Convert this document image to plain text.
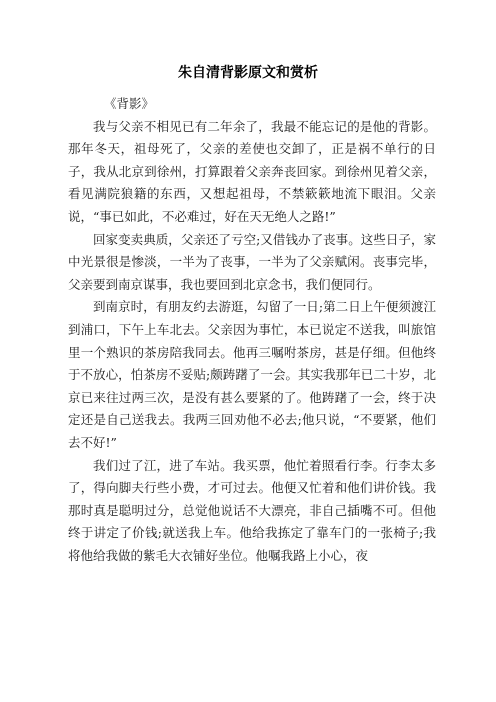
朱自清背影原文和赏析
《背影》

我与父亲不相见已有二年余了，我最不能忘记的是他的背影。那年冬天，祖母死了，父亲的差使也交卸了，正是祸不单行的日子，我从北京到徐州，打算跟着父亲奔丧回家。到徐州见着父亲，看见满院狼籍的东西，又想起祖母，不禁簌簌地流下眼泪。父亲说，“事已如此，不必难过，好在天无绝人之路!”

回家变卖典质，父亲还了亏空;又借钱办了丧事。这些日子，家中光景很是惨淡，一半为了丧事，一半为了父亲赋闲。丧事完毕，父亲要到南京谋事，我也要回到北京念书，我们便同行。

到南京时，有朋友约去游逛，勾留了一日;第二日上午便须渡江到浦口，下午上车北去。父亲因为事忙，本已说定不送我，叫旅馆里一个熟识的茶房陪我同去。他再三嘱咐茶房，甚是仔细。但他终于不放心，怕茶房不妥贴;颇踌躇了一会。其实我那年已二十岁，北京已来往过两三次，是没有甚么要紧的了。他踌躇了一会，终于决定还是自己送我去。我两三回劝他不必去;他只说，“不要紧，他们去不好!”

我们过了江，进了车站。我买票，他忙着照看行李。行李太多了，得向脚夫行些小费，才可过去。他便又忙着和他们讲价钱。我那时真是聪明过分，总觉他说话不大漂亮，非自己插嘴不可。但他终于讲定了价钱;就送我上车。他给我拣定了靠车门的一张椅子;我将他给我做的紫毛大衣铺好坐位。他嘱我路上小心，夜
